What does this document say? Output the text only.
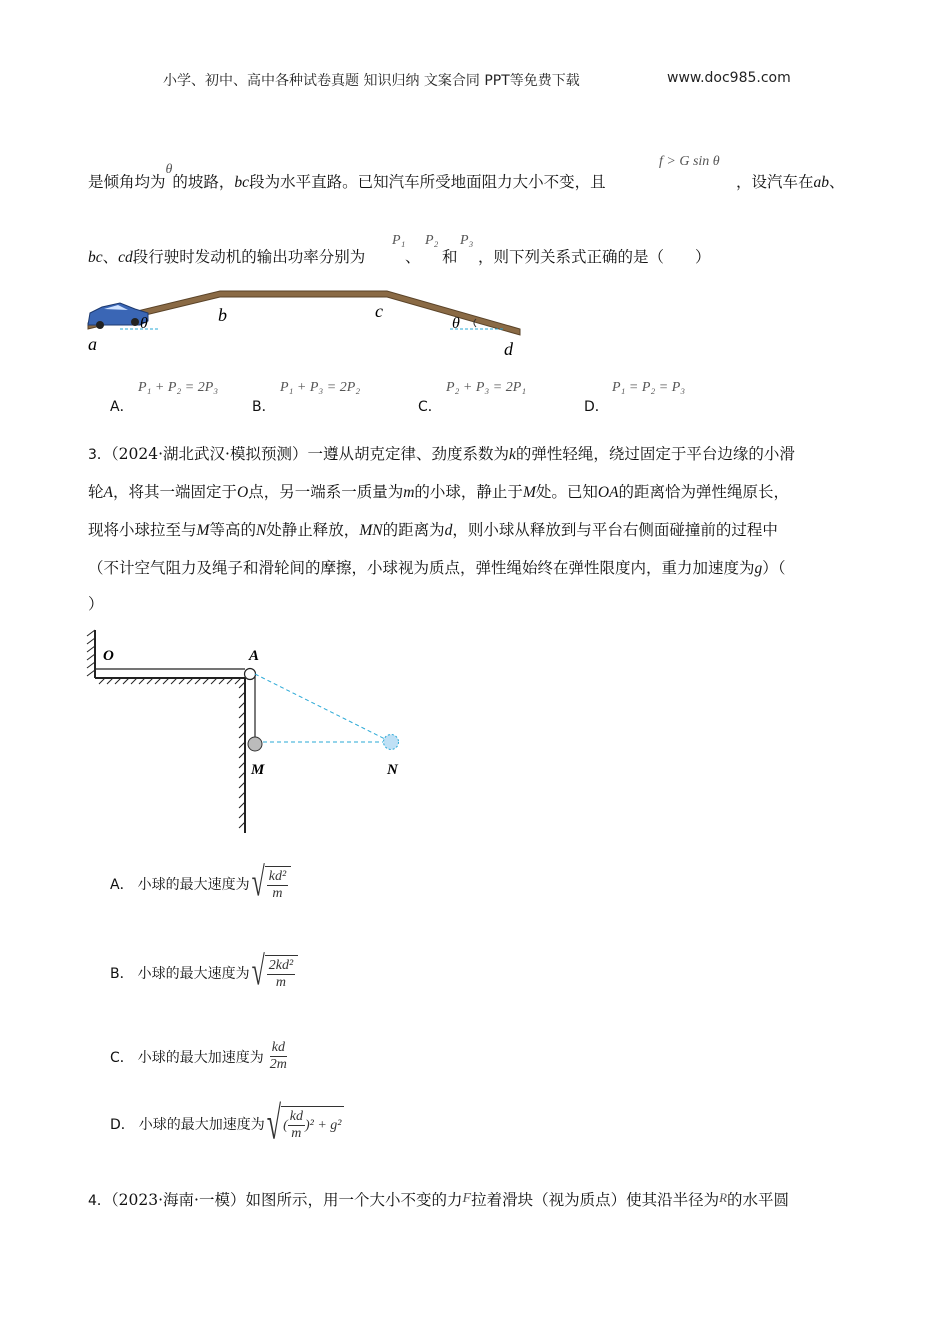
小学、初中、高中各种试卷真题 知识归纳 文案合同 PPT等免费下载	www.doc985.com
是倾角均为θ的坡路，bc段为水平直路。已知汽车所受地面阻力大小不变，且
f > G sin θ
，设汽车在ab、
bc、cd段行驶时发动机的输出功率分别为
P₁
、
P₂
和
P₃
，则下列关系式正确的是（　　）
θ	θ
a
b	c
d
A．
P₁ + P₂ = 2P₃
B．
P₁ + P₃ = 2P₂
C．
P₂ + P₃ = 2P₁
D．
P₁ = P₂ = P₃
3．（2024·湖北武汉·模拟预测）一遵从胡克定律、劲度系数为k的弹性轻绳，绕过固定于平台边缘的小滑
轮A，将其一端固定于O点，另一端系一质量为m的小球，静止于M处。已知OA的距离恰为弹性绳原长，
现将小球拉至与M等高的N处静止释放，MN的距离为d，则小球从释放到与平台右侧面碰撞前的过程中
（不计空气阻力及绳子和滑轮间的摩擦，小球视为质点，弹性绳始终在弹性限度内，重力加速度为g）（
）
O	A
M	N
A． 小球的最大速度为 √ $\frac{\text{kd²}}{m}$
B． 小球的最大速度为 √ $\frac{\text{2kd²}}{m}$
C． 小球的最大加速度为 $\frac{kd}{2m}$
D． 小球的最大加速度为 √ ( $\frac{kd}{m} )^2 + g^2$
4．（2023·海南·一模）如图所示，用一个大小不变的力F拉着滑块（视为质点）使其沿半径为R的水平圆
